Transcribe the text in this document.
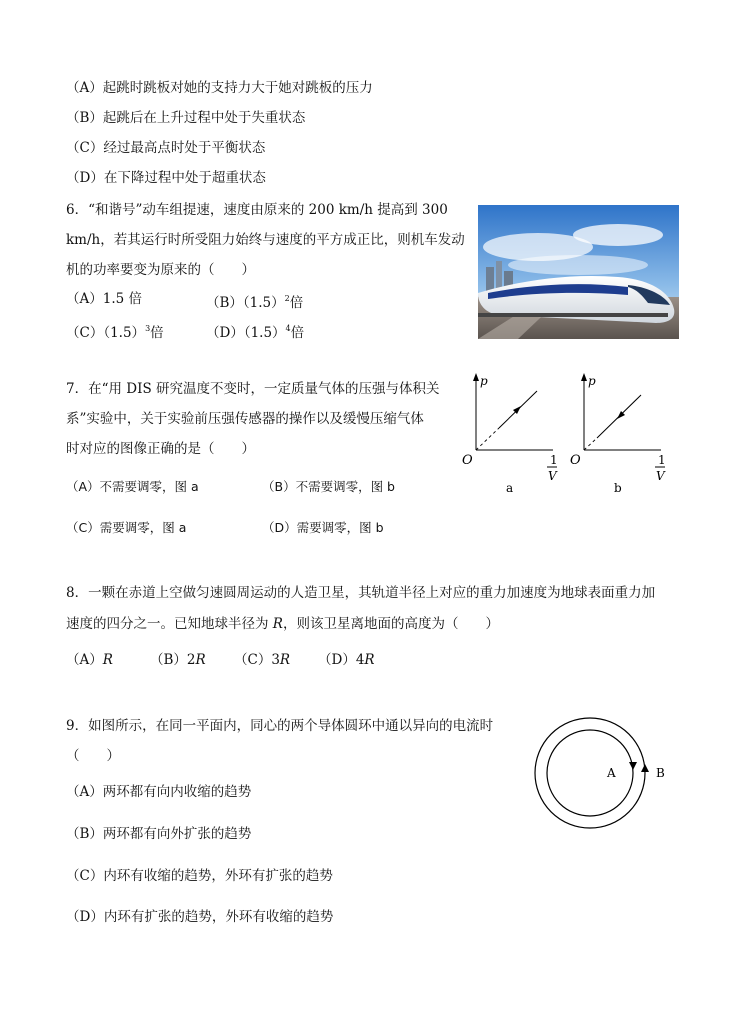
（A）起跳时跳板对她的支持力大于她对跳板的压力
（B）起跳后在上升过程中处于失重状态
（C）经过最高点时处于平衡状态
（D）在下降过程中处于超重状态
6．“和谐号”动车组提速，速度由原来的 200 km/h 提高到 300
km/h，若其运行时所受阻力始终与速度的平方成正比，则机车发动
机的功率要变为原来的（　　）
（A）1.5 倍	$(B)(1.5)^2$倍
$(C)(1.5)^3$倍	$(D)(1.5)^4$倍
7．在“用 DIS 研究温度不变时，一定质量气体的压强与体积关
系”实验中，关于实验前压强传感器的操作以及缓慢压缩气体
时对应的图像正确的是（　　）
（A）不需要调零，图 a	（B）不需要调零，图 b
（C）需要调零，图 a	（D）需要调零，图 b
p
O	1
V
a
p
O	1
V
b
8．一颗在赤道上空做匀速圆周运动的人造卫星，其轨道半径上对应的重力加速度为地球表面重力加
速度的四分之一。已知地球半径为 R，则该卫星离地面的高度为（　　）
（A）R	（B）2R （C）3R （D）4R
9．如图所示，在同一平面内，同心的两个导体圆环中通以异向的电流时
（　　）
（A）两环都有向内收缩的趋势
（B）两环都有向外扩张的趋势
（C）内环有收缩的趋势，外环有扩张的趋势
（D）内环有扩张的趋势，外环有收缩的趋势
A	B
